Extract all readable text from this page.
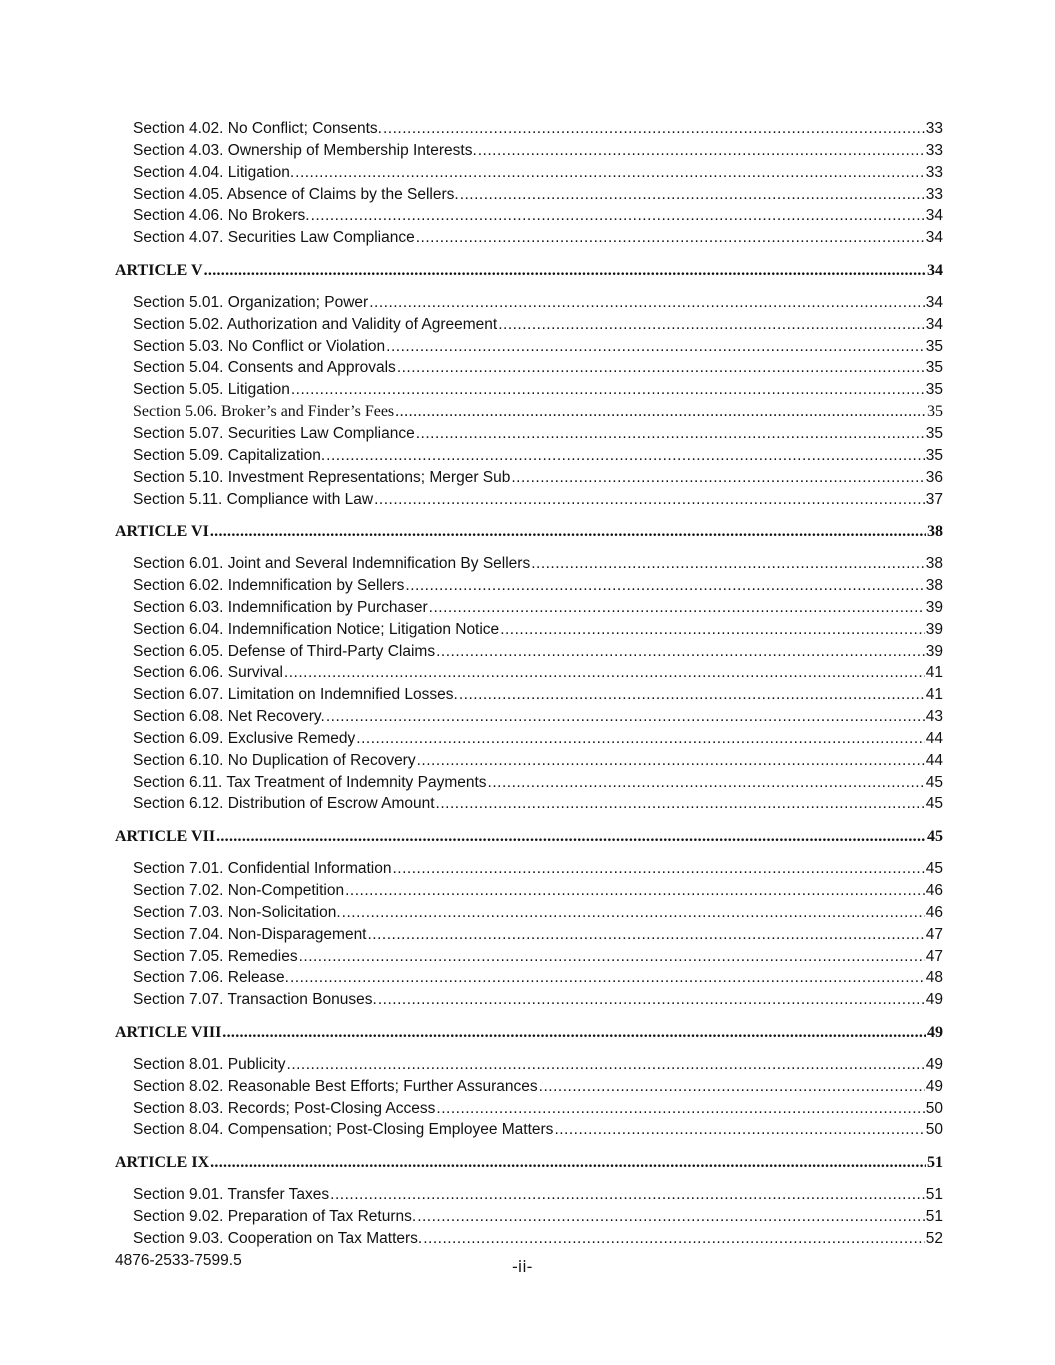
Section 4.02. No Conflict; Consents. .....	33
Section 4.03. Ownership of Membership Interests. .....	33
Section 4.04. Litigation. .....	33
Section 4.05. Absence of Claims by the Sellers. .....	33
Section 4.06. No Brokers. .....	34
Section 4.07. Securities Law Compliance .....	34
ARTICLE V .....	34
Section 5.01. Organization; Power .....	34
Section 5.02. Authorization and Validity of Agreement .....	34
Section 5.03. No Conflict or Violation .....	35
Section 5.04. Consents and Approvals .....	35
Section 5.05. Litigation .....	35
Section 5.06. Broker’s and Finder’s Fees .....	35
Section 5.07. Securities Law Compliance .....	35
Section 5.09. Capitalization. .....	35
Section 5.10. Investment Representations; Merger Sub .....	36
Section 5.11. Compliance with Law .....	37
ARTICLE VI .....	38
Section 6.01. Joint and Several Indemnification By Sellers .....	38
Section 6.02. Indemnification by Sellers .....	38
Section 6.03. Indemnification by Purchaser .....	39
Section 6.04. Indemnification Notice; Litigation Notice .....	39
Section 6.05. Defense of Third-Party Claims .....	39
Section 6.06. Survival .....	41
Section 6.07. Limitation on Indemnified Losses. .....	41
Section 6.08. Net Recovery. .....	43
Section 6.09. Exclusive Remedy .....	44
Section 6.10. No Duplication of Recovery .....	44
Section 6.11. Tax Treatment of Indemnity Payments .....	45
Section 6.12. Distribution of Escrow Amount .....	45
ARTICLE VII .....	45
Section 7.01. Confidential Information .....	45
Section 7.02. Non-Competition .....	46
Section 7.03. Non-Solicitation. .....	46
Section 7.04. Non-Disparagement .....	47
Section 7.05. Remedies .....	47
Section 7.06. Release. .....	48
Section 7.07. Transaction Bonuses. .....	49
ARTICLE VIII .....	49
Section 8.01. Publicity .....	49
Section 8.02. Reasonable Best Efforts; Further Assurances .....	49
Section 8.03. Records; Post-Closing Access .....	50
Section 8.04. Compensation; Post-Closing Employee Matters .....	50
ARTICLE IX .....	51
Section 9.01. Transfer Taxes .....	51
Section 9.02. Preparation of Tax Returns. .....	51
Section 9.03. Cooperation on Tax Matters. .....	52
4876-2533-7599.5	-ii-
